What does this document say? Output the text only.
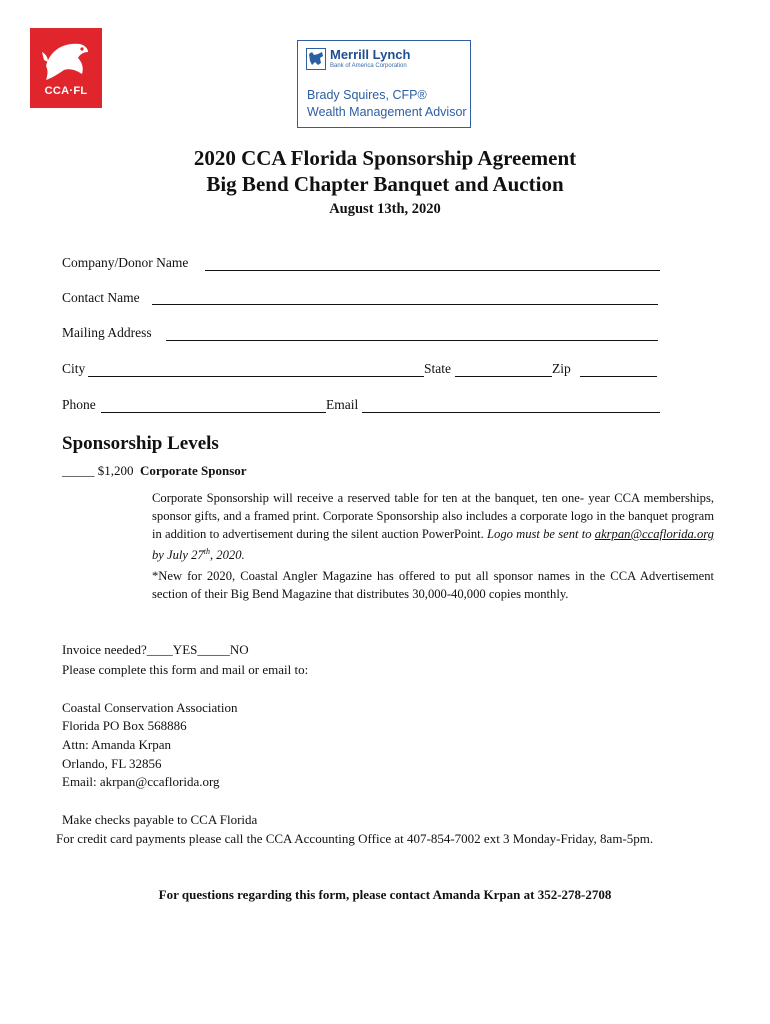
CCA·FL
Merrill Lynch
Bank of America Corporation
Brady Squires, CFP®
Wealth Management Advisor
2020 CCA Florida Sponsorship Agreement
Big Bend Chapter Banquet and Auction
August 13th, 2020
Company/Donor Name
Contact Name
Mailing Address
City	State	Zip
Phone	Email
Sponsorship Levels
_____ $1,200 Corporate Sponsor
Corporate Sponsorship will receive a reserved table for ten at the banquet, ten one- year CCA memberships, sponsor gifts, and a framed print. Corporate Sponsorship also includes a corporate logo in the banquet program in addition to advertisement during the silent auction PowerPoint. Logo must be sent to akrpan@ccaflorida.org by July 27th, 2020.
*New for 2020, Coastal Angler Magazine has offered to put all sponsor names in the CCA Advertisement section of their Big Bend Magazine that distributes 30,000-40,000 copies monthly.
Invoice needed?____YES_____NO
Please complete this form and mail or email to:
Coastal Conservation Association
Florida PO Box 568886
Attn: Amanda Krpan
Orlando, FL 32856
Email: akrpan@ccaflorida.org
Make checks payable to CCA Florida
For credit card payments please call the CCA Accounting Office at 407-854-7002 ext 3 Monday-Friday, 8am-5pm.
For questions regarding this form, please contact Amanda Krpan at 352-278-2708
